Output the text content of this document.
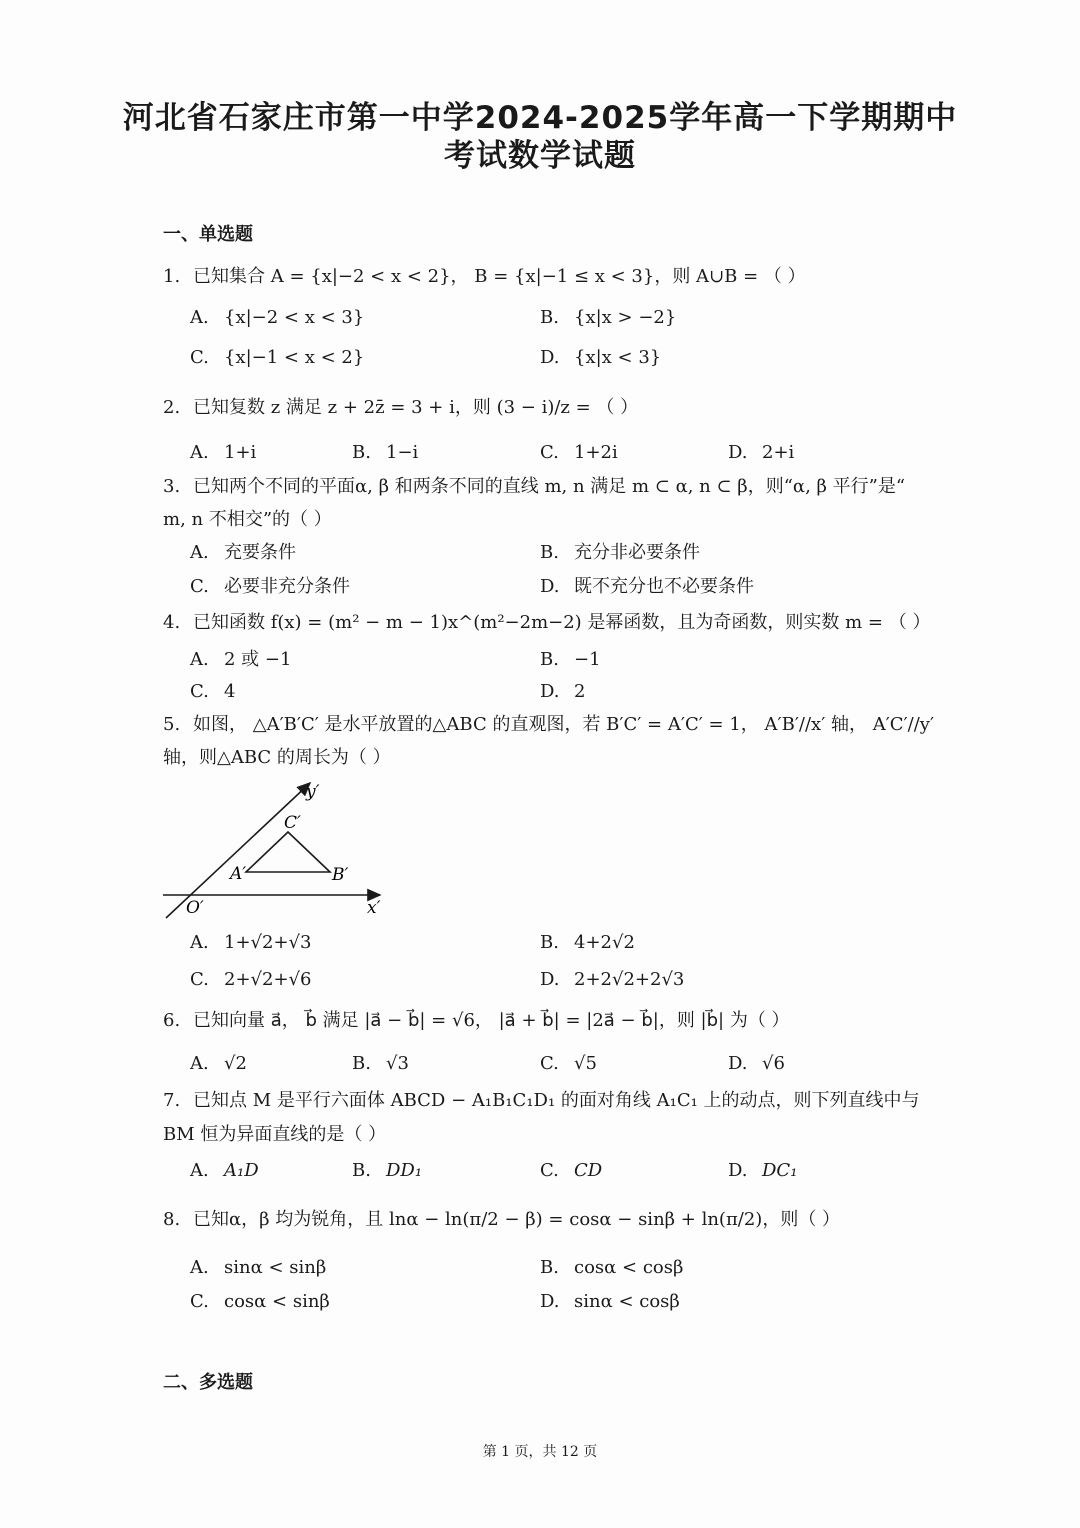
河北省石家庄市第一中学2024-2025学年高一下学期期中
考试数学试题
一、单选题
1. 已知集合 A = {x|−2 < x < 2}， B = {x|−1 ≤ x < 3}，则 A∪B = （ ）
A. {x|−2 < x < 3}	B. {x|x > −2}
C. {x|−1 < x < 2}	D. {x|x < 3}
2. 已知复数 z 满足 z + 2z̄ = 3 + i，则 (3 − i)/z = （ ）
A. 1+i	B. 1−i	C. 1+2i	D. 2+i
3. 已知两个不同的平面α, β 和两条不同的直线 m, n 满足 m ⊂ α, n ⊂ β，则“α, β 平行”是“
m, n 不相交”的（ ）
A. 充要条件	B. 充分非必要条件
C. 必要非充分条件	D. 既不充分也不必要条件
4. 已知函数 f(x) = (m² − m − 1)x^(m²−2m−2) 是幂函数，且为奇函数，则实数 m = （ ）
A. 2 或 −1	B. −1
C. 4	D. 2
5. 如图， △A′B′C′ 是水平放置的△ABC 的直观图，若 B′C′ = A′C′ = 1， A′B′//x′ 轴， A′C′//y′
轴，则△ABC 的周长为（ ）
y′
x′
O′
A′	B′
C′
A. 1+√2+√3	B. 4+2√2
C. 2+√2+√6	D. 2+2√2+2√3
6. 已知向量 a⃗， b⃗ 满足 |a⃗ − b⃗| = √6， |a⃗ + b⃗| = |2a⃗ − b⃗|，则 |b⃗| 为（ ）
A. √2	B. √3	C. √5	D. √6
7. 已知点 M 是平行六面体 ABCD − A₁B₁C₁D₁ 的面对角线 A₁C₁ 上的动点，则下列直线中与
BM 恒为异面直线的是（ ）
A. A₁D	B. DD₁	C. CD	D. DC₁
8. 已知α，β 均为锐角，且 lnα − ln(π/2 − β) = cosα − sinβ + ln(π/2)，则（ ）
A. sinα < sinβ	B. cosα < cosβ
C. cosα < sinβ	D. sinα < cosβ
二、多选题
第 1 页，共 12 页
